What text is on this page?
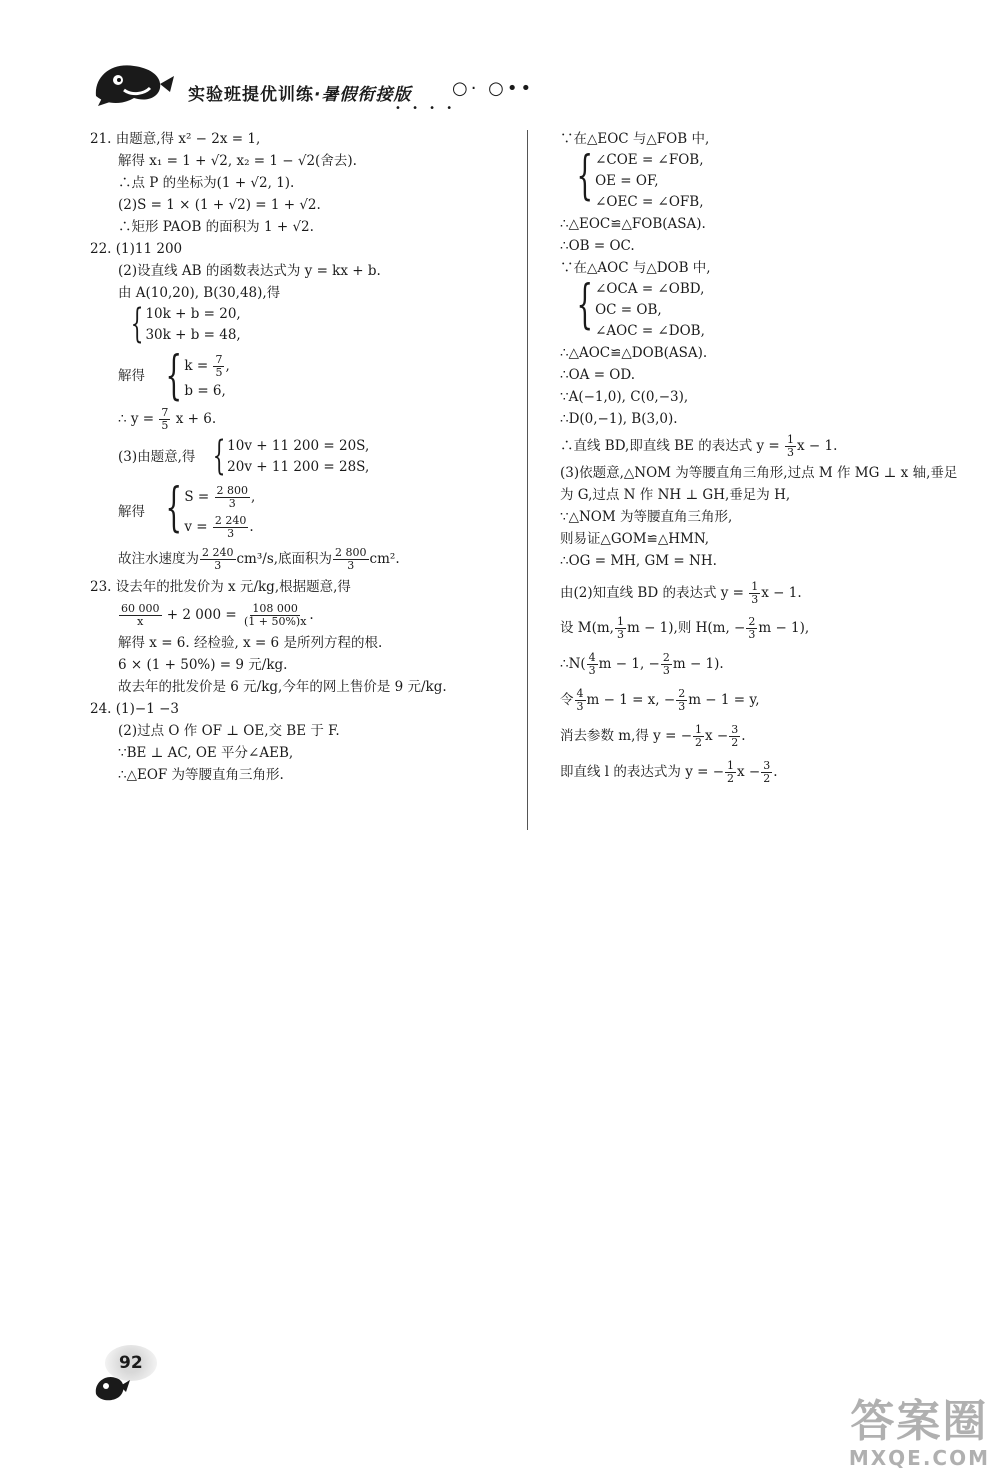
实验班提优训练·暑假衔接版 ○· ○••
• • • •
21. 由题意,得 x² − 2x = 1,
解得 x₁ = 1 + √2, x₂ = 1 − √2(舍去).
∴点 P 的坐标为(1 + √2, 1).
(2)S = 1 × (1 + √2) = 1 + √2.
∴矩形 PAOB 的面积为 1 + √2.
22. (1)11 200
(2)设直线 AB 的函数表达式为 y = kx + b.
由 A(10,20), B(30,48),得
{ 10k + b = 20,
30k + b = 48,
解得 { $k = \frac{7}{5}$ ,
b = 6,
∴ $y = \frac{7}{5}$ x + 6.
(3)由题意,得 { 10v + 11 200 = 20S,
20v + 11 200 = 28S,
解得 { $S = \frac{2 800}{3}$ ,
$v = \frac{2 240}{3}$ .
故注水速度为 $\frac{2 240}{3} cm^3/s$,底面积为 $\frac{2 800}{3} cm^2$.
23. 设去年的批发价为 x 元/kg,根据题意,得
$\frac{60 000}{x} + 2$ $000 = \frac{108 000}{(1 + 50\%)x}$ .
解得 x = 6. 经检验, x = 6 是所列方程的根.
6 × (1 + 50%) = 9 元/kg.
故去年的批发价是 6 元/kg,今年的网上售价是 9 元/kg.
24. (1)−1 −3
(2)过点 O 作 OF ⊥ OE,交 BE 于 F.
∵BE ⊥ AC, OE 平分∠AEB,
∴△EOF 为等腰直角三角形.
∵在△EOC 与△FOB 中,
{ ∠COE = ∠FOB,
OE = OF,
∠OEC = ∠OFB,
∴△EOC≌△FOB(ASA).
∴OB = OC.
∵在△AOC 与△DOB 中,
{ ∠OCA = ∠OBD,
OC = OB,
∠AOC = ∠DOB,
∴△AOC≌△DOB(ASA).
∴OA = OD.
∵A(−1,0), C(0,−3),
∴D(0,−1), B(3,0).
∴直线 BD,即直线 BE 的表达式 $y = \frac{1}{3}$ x − 1.
(3)依题意,△NOM 为等腰直角三角形,过点 M 作 MG ⊥ x 轴,垂足
为 G,过点 N 作 NH ⊥ GH,垂足为 H,
∵△NOM 为等腰直角三角形,
则易证△GOM≌△HMN,
∴OG = MH, GM = NH.
由(2)知直线 BD 的表达式 $y = \frac{1}{3}$ x − 1.
设 M(m, $\frac{1}{3}$ m − 1),则 H(m, − $\frac{2}{3}$ m − 1),
∴N( $\frac{4}{3}$ m − 1, − $\frac{2}{3}$ m − 1).
令 $\frac{4}{3}$ m − 1 = x, − $\frac{2}{3}$ m − 1 = y,
消去参数 m,得 y = − $\frac{1}{2}$ $x - \frac{3}{2}$ .
即直线 l 的表达式为 y = − $\frac{1}{2}$ $x - \frac{3}{2}$ .
92
答案圈
MXQE.COM
